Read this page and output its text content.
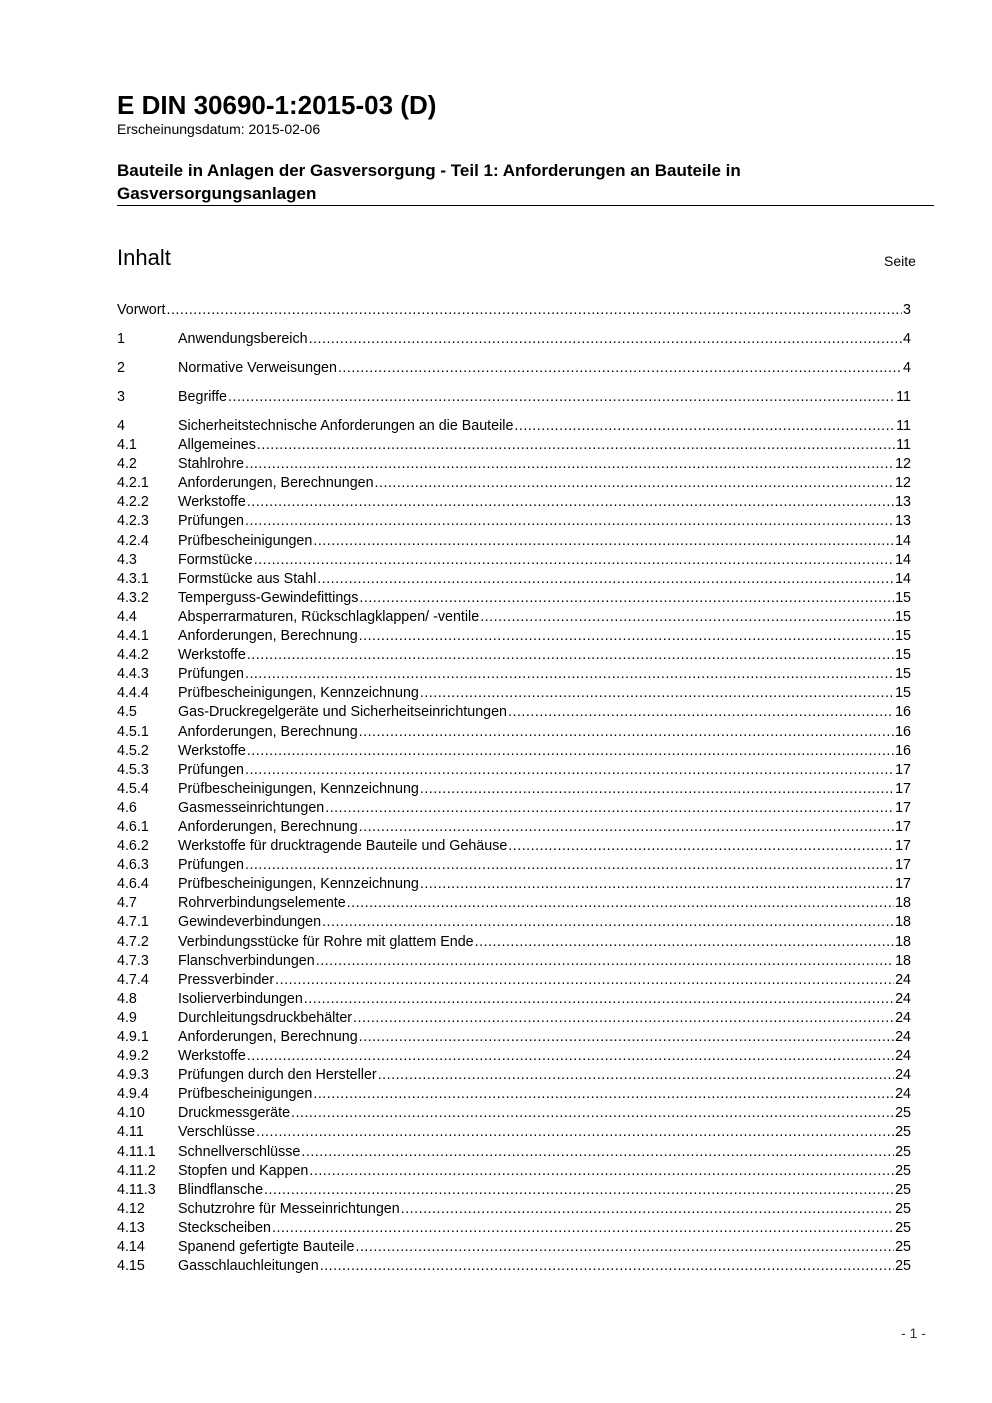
E DIN 30690-1:2015-03 (D)
Erscheinungsdatum: 2015-02-06
Bauteile in Anlagen der Gasversorgung - Teil 1: Anforderungen an Bauteile in Gasversorgungsanlagen
Inhalt	Seite
Vorwort .....	3
1	Anwendungsbereich .....	4
2	Normative Verweisungen .....	4
3	Begriffe .....	11
4	Sicherheitstechnische Anforderungen an die Bauteile .....	11
4.1	Allgemeines .....	11
4.2	Stahlrohre .....	12
4.2.1	Anforderungen, Berechnungen .....	12
4.2.2	Werkstoffe .....	13
4.2.3	Prüfungen .....	13
4.2.4	Prüfbescheinigungen .....	14
4.3	Formstücke .....	14
4.3.1	Formstücke aus Stahl .....	14
4.3.2	Temperguss-Gewindefittings .....	15
4.4	Absperrarmaturen, Rückschlagklappen/ -ventile .....	15
4.4.1	Anforderungen, Berechnung .....	15
4.4.2	Werkstoffe .....	15
4.4.3	Prüfungen .....	15
4.4.4	Prüfbescheinigungen, Kennzeichnung .....	15
4.5	Gas-Druckregelgeräte und Sicherheitseinrichtungen .....	16
4.5.1	Anforderungen, Berechnung .....	16
4.5.2	Werkstoffe .....	16
4.5.3	Prüfungen .....	17
4.5.4	Prüfbescheinigungen, Kennzeichnung .....	17
4.6	Gasmesseinrichtungen .....	17
4.6.1	Anforderungen, Berechnung .....	17
4.6.2	Werkstoffe für drucktragende Bauteile und Gehäuse .....	17
4.6.3	Prüfungen .....	17
4.6.4	Prüfbescheinigungen, Kennzeichnung .....	17
4.7	Rohrverbindungselemente .....	18
4.7.1	Gewindeverbindungen .....	18
4.7.2	Verbindungsstücke für Rohre mit glattem Ende .....	18
4.7.3	Flanschverbindungen .....	18
4.7.4	Pressverbinder .....	24
4.8	Isolierverbindungen .....	24
4.9	Durchleitungsdruckbehälter .....	24
4.9.1	Anforderungen, Berechnung .....	24
4.9.2	Werkstoffe .....	24
4.9.3	Prüfungen durch den Hersteller .....	24
4.9.4	Prüfbescheinigungen .....	24
4.10	Druckmessgeräte .....	25
4.11	Verschlüsse .....	25
4.11.1	Schnellverschlüsse .....	25
4.11.2	Stopfen und Kappen .....	25
4.11.3	Blindflansche .....	25
4.12	Schutzrohre für Messeinrichtungen .....	25
4.13	Steckscheiben .....	25
4.14	Spanend gefertigte Bauteile .....	25
4.15	Gasschlauchleitungen .....	25
- 1 -
